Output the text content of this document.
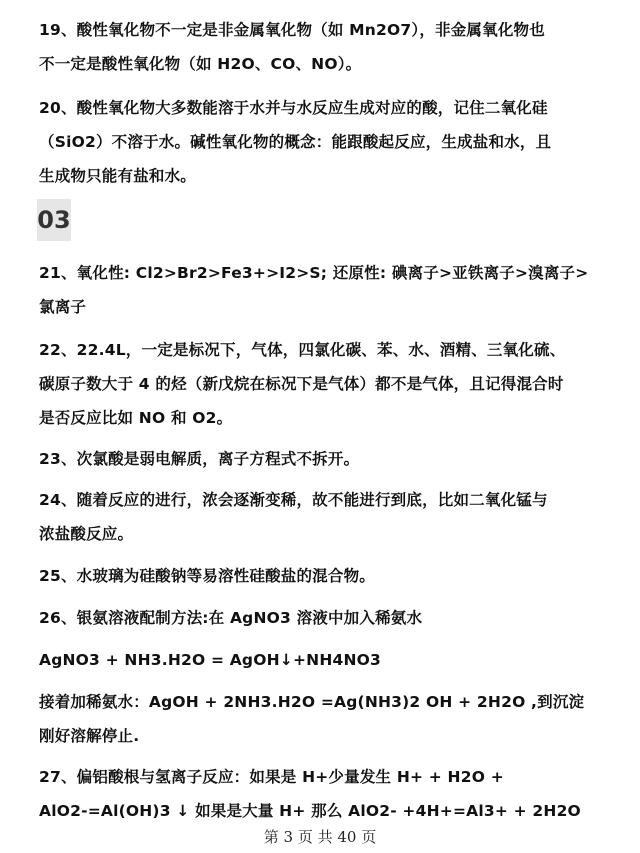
19、酸性氧化物不一定是非金属氧化物（如 Mn2O7），非金属氧化物也
不一定是酸性氧化物（如 H2O、CO、NO）。
20、酸性氧化物大多数能溶于水并与水反应生成对应的酸，记住二氧化硅
（SiO2）不溶于水。碱性氧化物的概念：能跟酸起反应，生成盐和水，且
生成物只能有盐和水。
03
21、氧化性: Cl2>Br2>Fe3+>I2>S; 还原性: 碘离子>亚铁离子>溴离子>
氯离子
22、22.4L，一定是标况下，气体，四氯化碳、苯、水、酒精、三氧化硫、
碳原子数大于 4 的烃（新戊烷在标况下是气体）都不是气体，且记得混合时
是否反应比如 NO 和 O2。
23、次氯酸是弱电解质，离子方程式不拆开。
24、随着反应的进行，浓会逐渐变稀，故不能进行到底，比如二氧化锰与
浓盐酸反应。
25、水玻璃为硅酸钠等易溶性硅酸盐的混合物。
26、银氨溶液配制方法:在 AgNO3 溶液中加入稀氨水
AgNO3 + NH3.H2O = AgOH↓+NH4NO3
接着加稀氨水：AgOH + 2NH3.H2O =Ag(NH3)2 OH + 2H2O ,到沉淀
刚好溶解停止.
27、偏铝酸根与氢离子反应：如果是 H+少量发生 H+ + H2O +
AlO2-=Al(OH)3 ↓ 如果是大量 H+ 那么 AlO2- +4H+=Al3+ + 2H2O
第 3 页 共 40 页
